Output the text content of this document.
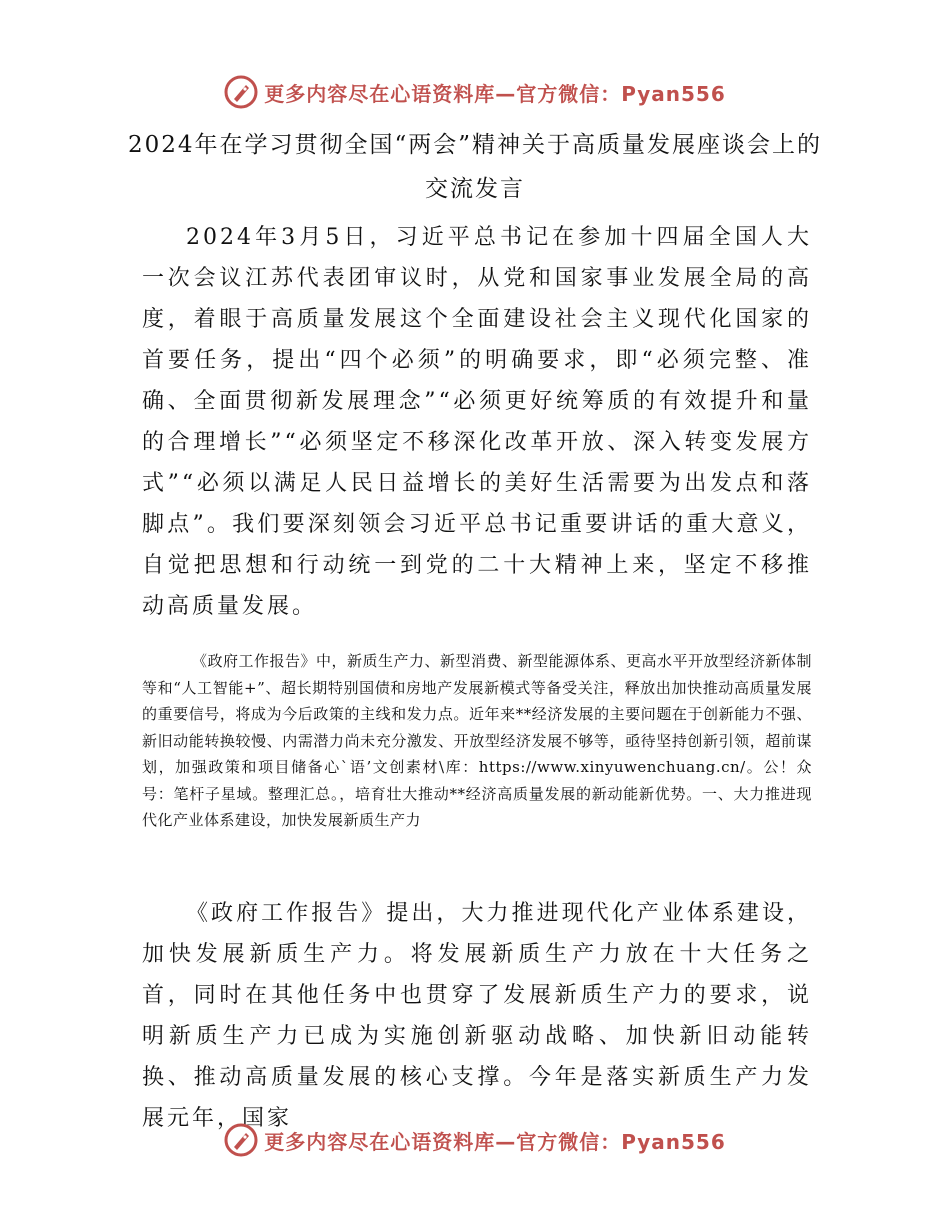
更多内容尽在心语资料库—官方微信：Pyan556
2024年在学习贯彻全国“两会”精神关于高质量发展座谈会上的交流发言

2024年3月5日，习近平总书记在参加十四届全国人大一次会议江苏代表团审议时，从党和国家事业发展全局的高度，着眼于高质量发展这个全面建设社会主义现代化国家的首要任务，提出“四个必须”的明确要求，即“必须完整、准确、全面贯彻新发展理念”“必须更好统筹质的有效提升和量的合理增长”“必须坚定不移深化改革开放、深入转变发展方式”“必须以满足人民日益增长的美好生活需要为出发点和落脚点”。我们要深刻领会习近平总书记重要讲话的重大意义，自觉把思想和行动统一到党的二十大精神上来，坚定不移推动高质量发展。

《政府工作报告》中，新质生产力、新型消费、新型能源体系、更高水平开放型经济新体制等和“人工智能+”、超长期特别国债和房地产发展新模式等备受关注，释放出加快推动高质量发展的重要信号，将成为今后政策的主线和发力点。近年来**经济发展的主要问题在于创新能力不强、新旧动能转换较慢、内需潜力尚未充分激发、开放型经济发展不够等，亟待坚持创新引领，超前谋划，加强政策和项目储备心`语’文创素材\库：https://www.xinyuwenchuang.cn/。公！众号：笔杆子星域。整理汇总。，培育壮大推动**经济高质量发展的新动能新优势。一、大力推进现代化产业体系建设，加快发展新质生产力

《政府工作报告》提出，大力推进现代化产业体系建设，加快发展新质生产力。将发展新质生产力放在十大任务之首，同时在其他任务中也贯穿了发展新质生产力的要求，说明新质生产力已成为实施创新驱动战略、加快新旧动能转换、推动高质量发展的核心支撑。今年是落实新质生产力发展元年，国家

更多内容尽在心语资料库—官方微信：Pyan556
